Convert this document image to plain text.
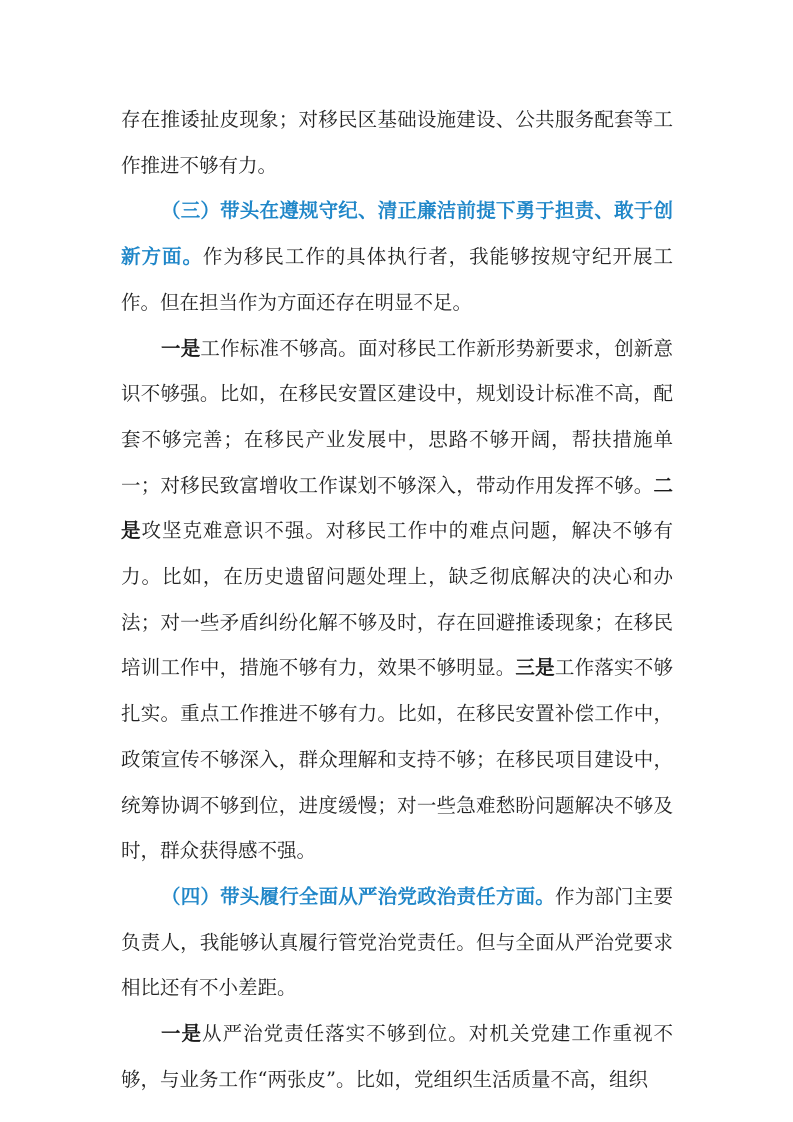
存在推诿扯皮现象；对移民区基础设施建设、公共服务配套等工作推进不够有力。

（三）带头在遵规守纪、清正廉洁前提下勇于担责、敢于创新方面。作为移民工作的具体执行者，我能够按规守纪开展工作。但在担当作为方面还存在明显不足。

一是工作标准不够高。面对移民工作新形势新要求，创新意识不够强。比如，在移民安置区建设中，规划设计标准不高，配套不够完善；在移民产业发展中，思路不够开阔，帮扶措施单一；对移民致富增收工作谋划不够深入，带动作用发挥不够。二是攻坚克难意识不强。对移民工作中的难点问题，解决不够有力。比如，在历史遗留问题处理上，缺乏彻底解决的决心和办法；对一些矛盾纠纷化解不够及时，存在回避推诿现象；在移民培训工作中，措施不够有力，效果不够明显。三是工作落实不够扎实。重点工作推进不够有力。比如，在移民安置补偿工作中，政策宣传不够深入，群众理解和支持不够；在移民项目建设中，统筹协调不够到位，进度缓慢；对一些急难愁盼问题解决不够及时，群众获得感不强。

（四）带头履行全面从严治党政治责任方面。作为部门主要负责人，我能够认真履行管党治党责任。但与全面从严治党要求相比还有不小差距。

一是从严治党责任落实不够到位。对机关党建工作重视不够，与业务工作“两张皮”。比如，党组织生活质量不高，组织
